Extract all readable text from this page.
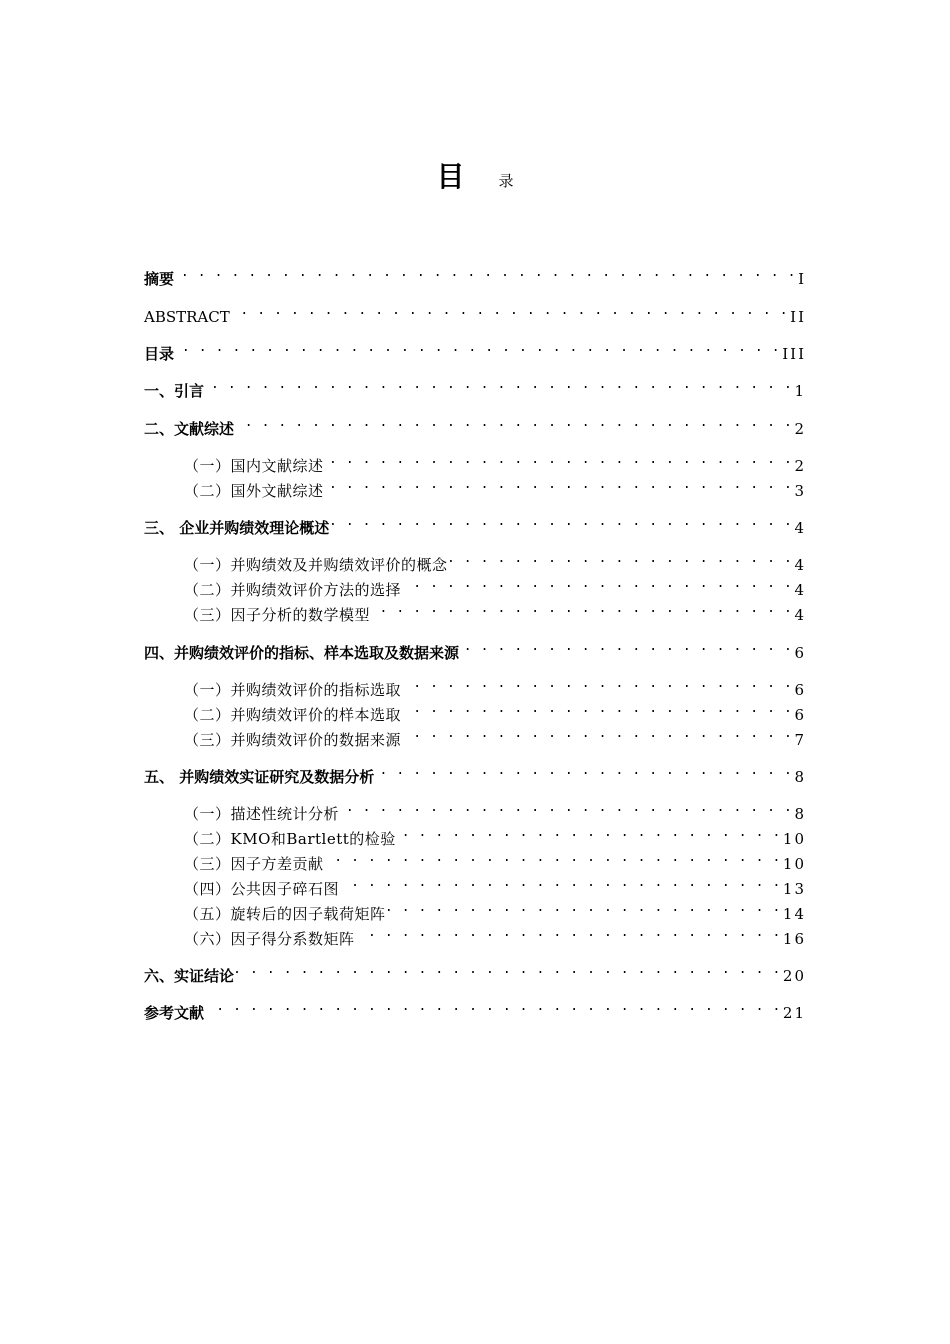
目 录
摘要 . . .	I
ABSTRACT . . .	II
目录 . . .	III
一、引言 . . .	1
二、文献综述 . . .	2
（一）国内文献综述 . . .	2
（二）国外文献综述 . . .	3
三、 企业并购绩效理论概述 . . .	4
（一）并购绩效及并购绩效评价的概念 . . .	4
（二）并购绩效评价方法的选择 . . .	4
（三）因子分析的数学模型 . . .	4
四、并购绩效评价的指标、样本选取及数据来源 . . .	6
（一）并购绩效评价的指标选取 . . .	6
（二）并购绩效评价的样本选取 . . .	6
（三）并购绩效评价的数据来源 . . .	7
五、 并购绩效实证研究及数据分析 . . .	8
（一）描述性统计分析 . . .	8
（二）KMO和Bartlett的检验 . . .	10
（三）因子方差贡献 . . .	10
（四）公共因子碎石图 . . .	13
（五）旋转后的因子载荷矩阵 . . .	14
（六）因子得分系数矩阵 . . .	16
六、实证结论 . . .	20
参考文献 . . .	21
